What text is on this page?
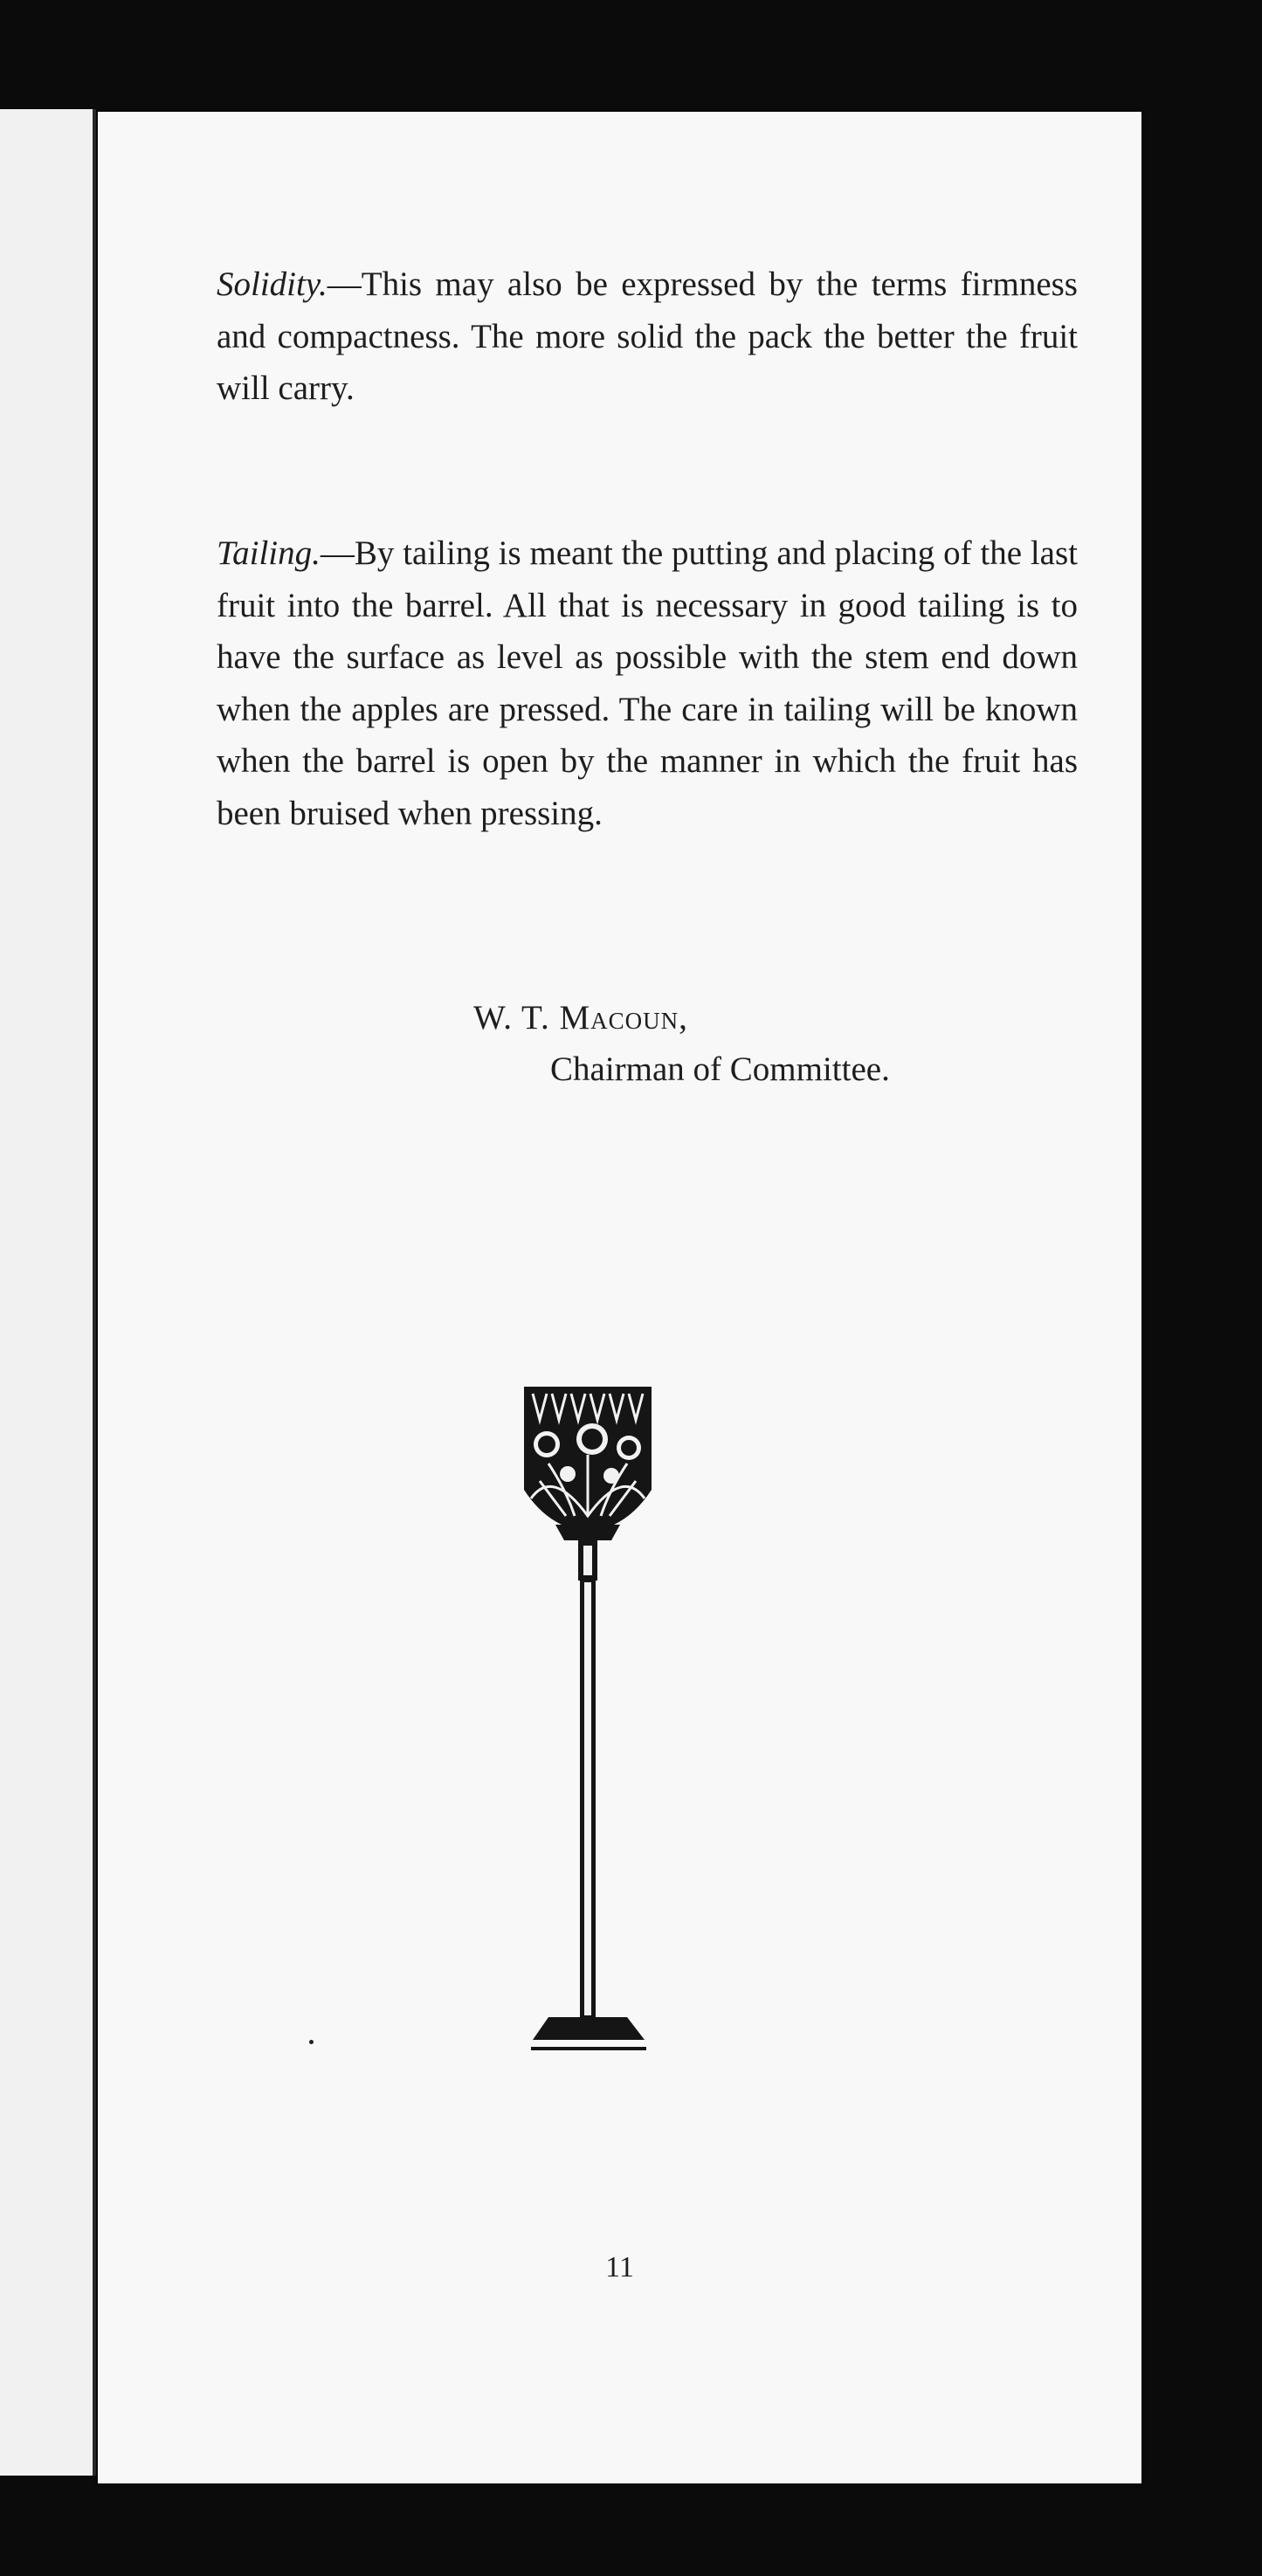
Solidity.—This may also be expressed by the terms firmness and compactness. The more solid the pack the better the fruit will carry.

Tailing.—By tailing is meant the putting and placing of the last fruit into the barrel. All that is necessary in good tailing is to have the surface as level as possible with the stem end down when the apples are pressed. The care in tailing will be known when the barrel is open by the manner in which the fruit has been bruised when pressing.

W. T. Macoun,
Chairman of Committee.
11
